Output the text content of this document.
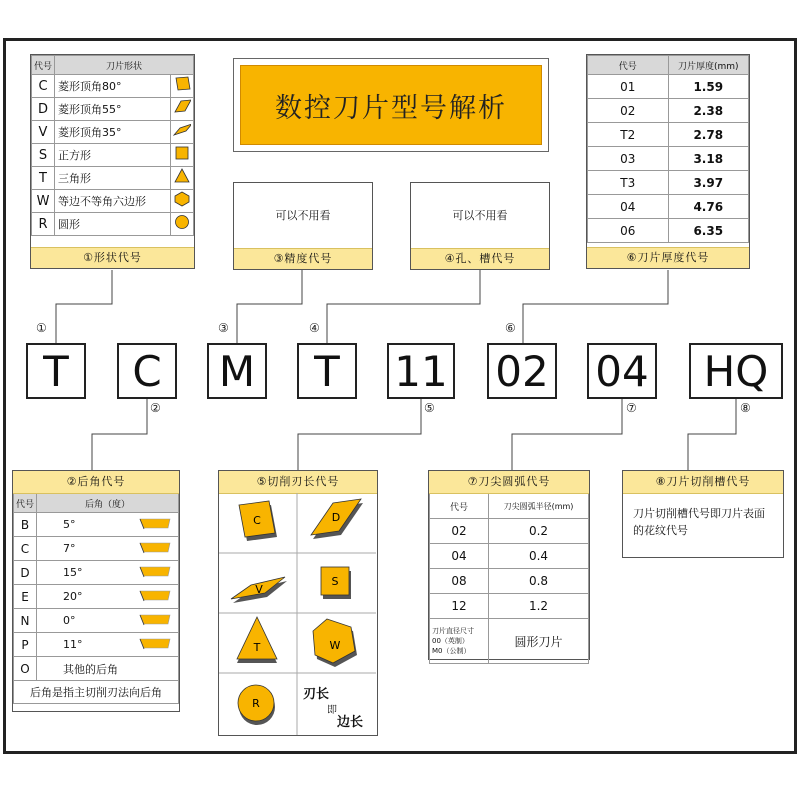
代号	刀片形状	
C	菱形顶角80°	
D	菱形顶角55°	
V	菱形顶角35°	
S	正方形	
T	三角形	
W	等边不等角六边形	
R	圆形	
①形状代号
数控刀片型号解析
可以不用看
③精度代号
可以不用看
④孔、槽代号
代号	刀片厚度(mm)
01	1.59
02	2.38
T2	2.78
03	3.18
T3	3.97
04	4.76
06	6.35
⑥刀片厚度代号
①	③	④	⑥
T	C	M	T	11 02 04	HQ
②	⑤	⑦	⑧
②后角代号
代号	后角（度）	
B	5°	
C	7°	
D	15°	
E	20°	
N	0°	
P	11°	
O	其他的后角	
后角是指主切削刃法向后角		
⑤切削刃长代号
C	D
V
S
T	W
R
刃长
即
边长
⑦刀尖圆弧代号
代号	刀尖圆弧半径(mm)
02	0.2
04	0.4
08	0.8
12	1.2

刀片直径尺寸
00（英制）
M0（公制）	圆形刀片
⑧刀片切削槽代号
刀片切削槽代号即刀片表面的花纹代号
